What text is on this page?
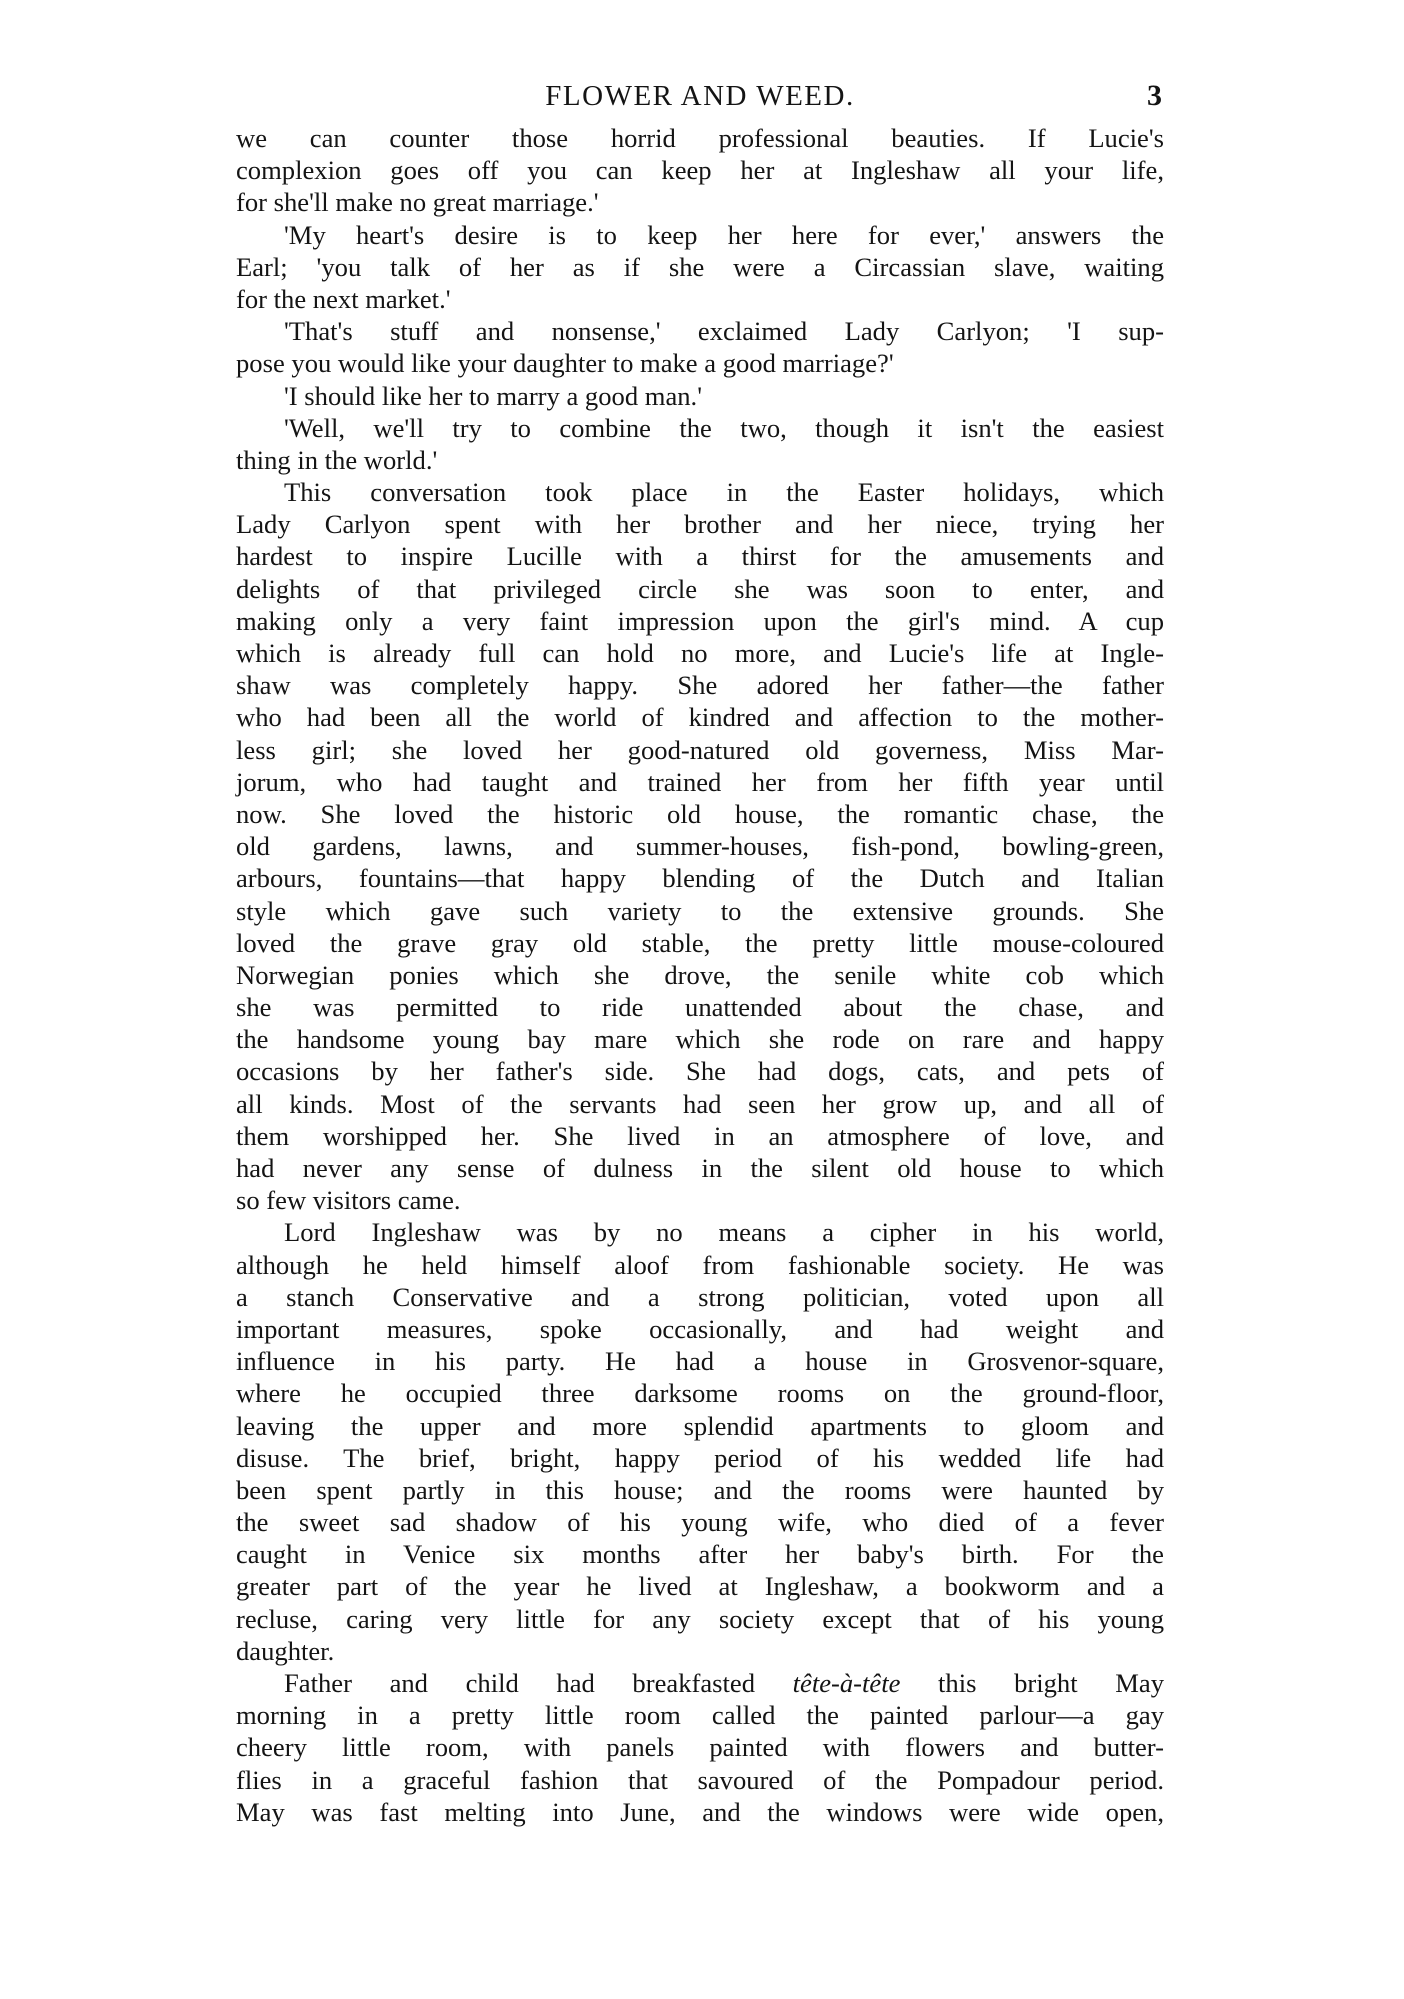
FLOWER AND WEED.	3
we can counter those horrid professional beauties. If Lucie's
complexion goes off you can keep her at Ingleshaw all your life,
for she'll make no great marriage.'
'My heart's desire is to keep her here for ever,' answers the
Earl; 'you talk of her as if she were a Circassian slave, waiting
for the next market.'
'That's stuff and nonsense,' exclaimed Lady Carlyon; 'I sup-
pose you would like your daughter to make a good marriage?'
'I should like her to marry a good man.'
'Well, we'll try to combine the two, though it isn't the easiest
thing in the world.'
This conversation took place in the Easter holidays, which
Lady Carlyon spent with her brother and her niece, trying her
hardest to inspire Lucille with a thirst for the amusements and
delights of that privileged circle she was soon to enter, and
making only a very faint impression upon the girl's mind. A cup
which is already full can hold no more, and Lucie's life at Ingle-
shaw was completely happy. She adored her father—the father
who had been all the world of kindred and affection to the mother-
less girl; she loved her good-natured old governess, Miss Mar-
jorum, who had taught and trained her from her fifth year until
now. She loved the historic old house, the romantic chase, the
old gardens, lawns, and summer-houses, fish-pond, bowling-green,
arbours, fountains—that happy blending of the Dutch and Italian
style which gave such variety to the extensive grounds. She
loved the grave gray old stable, the pretty little mouse-coloured
Norwegian ponies which she drove, the senile white cob which
she was permitted to ride unattended about the chase, and
the handsome young bay mare which she rode on rare and happy
occasions by her father's side. She had dogs, cats, and pets of
all kinds. Most of the servants had seen her grow up, and all of
them worshipped her. She lived in an atmosphere of love, and
had never any sense of dulness in the silent old house to which
so few visitors came.
Lord Ingleshaw was by no means a cipher in his world,
although he held himself aloof from fashionable society. He was
a stanch Conservative and a strong politician, voted upon all
important measures, spoke occasionally, and had weight and
influence in his party. He had a house in Grosvenor-square,
where he occupied three darksome rooms on the ground-floor,
leaving the upper and more splendid apartments to gloom and
disuse. The brief, bright, happy period of his wedded life had
been spent partly in this house; and the rooms were haunted by
the sweet sad shadow of his young wife, who died of a fever
caught in Venice six months after her baby's birth. For the
greater part of the year he lived at Ingleshaw, a bookworm and a
recluse, caring very little for any society except that of his young
daughter.
Father and child had breakfasted tête-à-tête this bright May
morning in a pretty little room called the painted parlour—a gay
cheery little room, with panels painted with flowers and butter-
flies in a graceful fashion that savoured of the Pompadour period.
May was fast melting into June, and the windows were wide open,
